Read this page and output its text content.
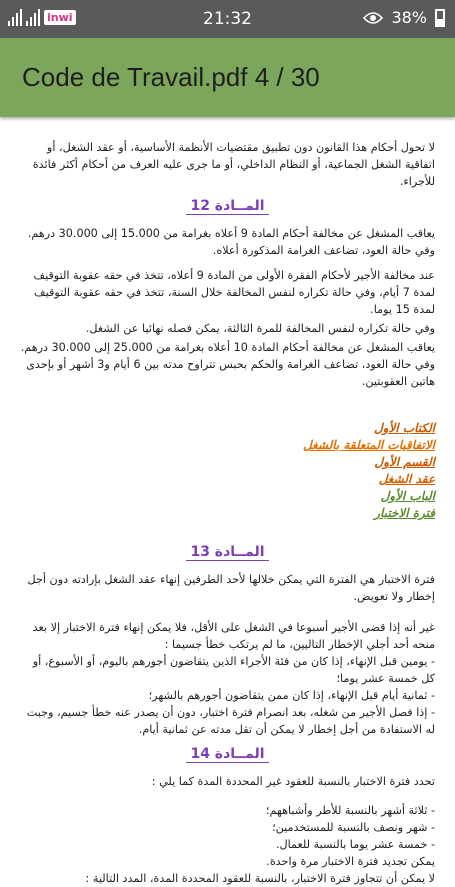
inwi	21:32	38%
Code de Travail.pdf 4 / 30

لا تحول أحكام هذا القانون دون تطبيق مقتضيات الأنظمة الأساسية، أو عقد الشغل، أو اتفاقية الشغل الجماعية، أو النظام الداخلي، أو ما جرى عليه العرف من أحكام أكثر فائدة للأجراء.

المــادة 12

يعاقب المشغل عن مخالفة أحكام المادة 9 أعلاه بغرامة من 15.000 إلى 30.000 درهم. وفي حالة العود، تضاعف الغرامة المذكورة أعلاه.

عند مخالفة الأجير لأحكام الفقرة الأولى من المادة 9 أعلاه، تتخذ في حقه عقوبة التوقيف لمدة 7 أيام، وفي حالة تكراره لنفس المخالفة خلال السنة، تتخذ في حقه عقوبة التوقيف لمدة 15 يوما.

وفي حالة تكراره لنفس المخالفة للمرة الثالثة، يمكن فصله نهائيا عن الشغل.

يعاقب المشغل عن مخالفة أحكام المادة 10 أعلاه بغرامة من 25.000 إلى 30.000 درهم. وفي حالة العود، تضاعف الغرامة والحكم بحبس تتراوح مدته بين 6 أيام و3 أشهر أو بإحدى هاتين العقوبتين.

الكتاب الأول
الاتفاقيات المتعلقة بالشغل
القسم الأول
عقد الشغل
الباب الأول
فترة الاختبار
المــادة 13

فترة الاختبار هي الفترة التي يمكن خلالها لأحد الطرفين إنهاء عقد الشغل بإرادته دون أجل إخطار ولا تعويض.

غير أنه إذا قضى الأجير أسبوعا في الشغل على الأقل، فلا يمكن إنهاء فترة الاختبار إلا بعد منحه أحد أجلي الإخطار التاليين، ما لم يرتكب خطأ جسيما :

- يومين قبل الإنهاء، إذا كان من فئة الأجراء الذين يتقاضون أجورهم باليوم، أو الأسبوع، أو كل خمسة عشر يوما؛

- ثمانية أيام قبل الإنهاء، إذا كان ممن يتقاضون أجورهم بالشهر؛

- إذا فصل الأجير من شغله، بعد انصرام فترة اختبار، دون أن يصدر عنه خطأ جسيم، وجبت له الاستفادة من أجل إخطار لا يمكن أن تقل مدته عن ثمانية أيام.

المــادة 14

تحدد فترة الاختبار بالنسبة للعقود غير المحددة المدة كما يلي :

- ثلاثة أشهر بالنسبة للأطر وأشباههم؛

- شهر ونصف بالنسبة للمستخدمين؛

- خمسة عشر يوما بالنسبة للعمال.

يمكن تجديد فترة الاختبار مرة واحدة.

لا يمكن أن تتجاوز فترة الاختبار، بالنسبة للعقود المحددة المدة، المدد التالية :
